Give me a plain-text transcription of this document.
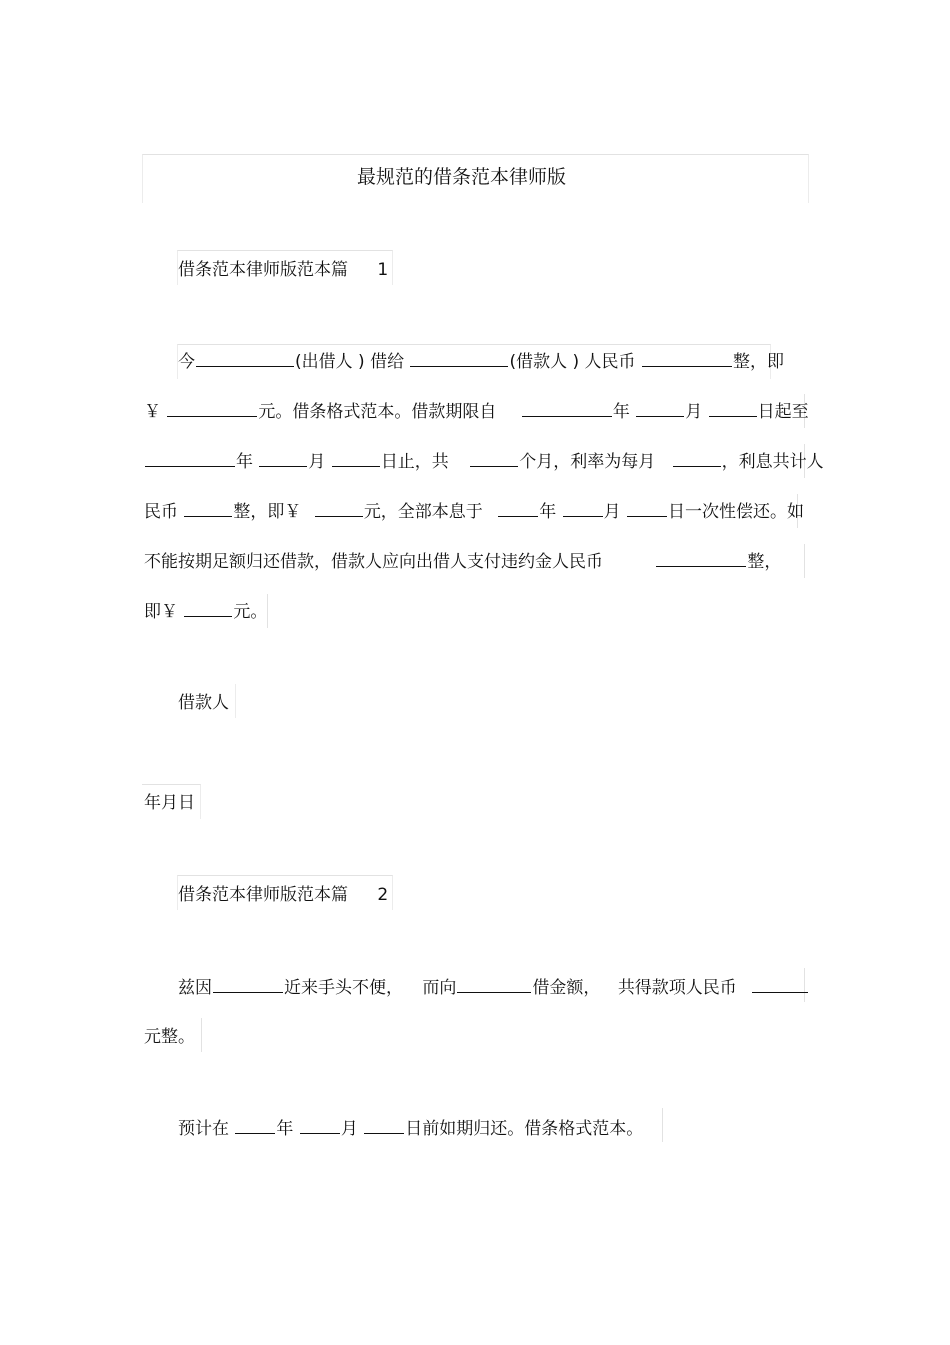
最规范的借条范本律师版
借条范本律师版范本篇 1
今	(出借人 ) 借给	(借款人 ) 人民币	整，即
￥	元。借条格式范本。借款期限自	年	月	日起至
年	月	日止，共	个月，利率为每月	，利息共计人
民币	整，即￥	元，全部本息于	年	月	日一次性偿还。如
不能按期足额归还借款，借款人应向出借人支付违约金人民币	整，
即￥	元。
借款人
年月日
借条范本律师版范本篇 2
兹因	近来手头不便， 而向	借金额， 共得款项人民币
元整。
预计在	年	月	日前如期归还。借条格式范本。
